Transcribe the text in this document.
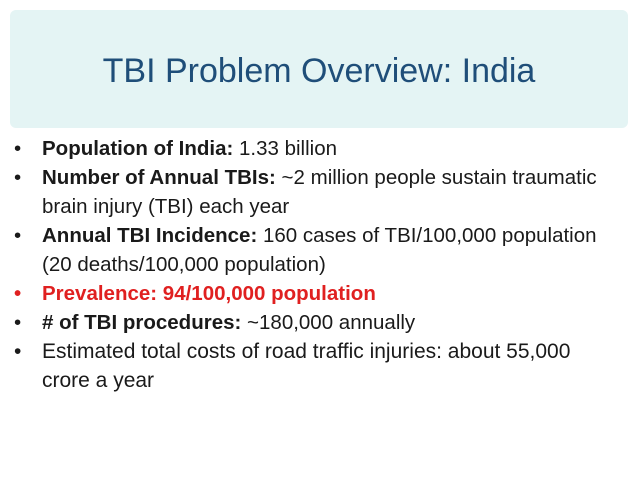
TBI Problem Overview: India
•	Population of India: 1.33 billion
•	Number of Annual TBIs: ~2 million people sustain traumatic brain injury (TBI) each year
•	Annual TBI Incidence: 160 cases of TBI/100,000 population (20 deaths/100,000 population)
•	Prevalence: 94/100,000 population
•	# of TBI procedures: ~180,000 annually
• Estimated total costs of road traffic injuries: about 55,000 crore a year
